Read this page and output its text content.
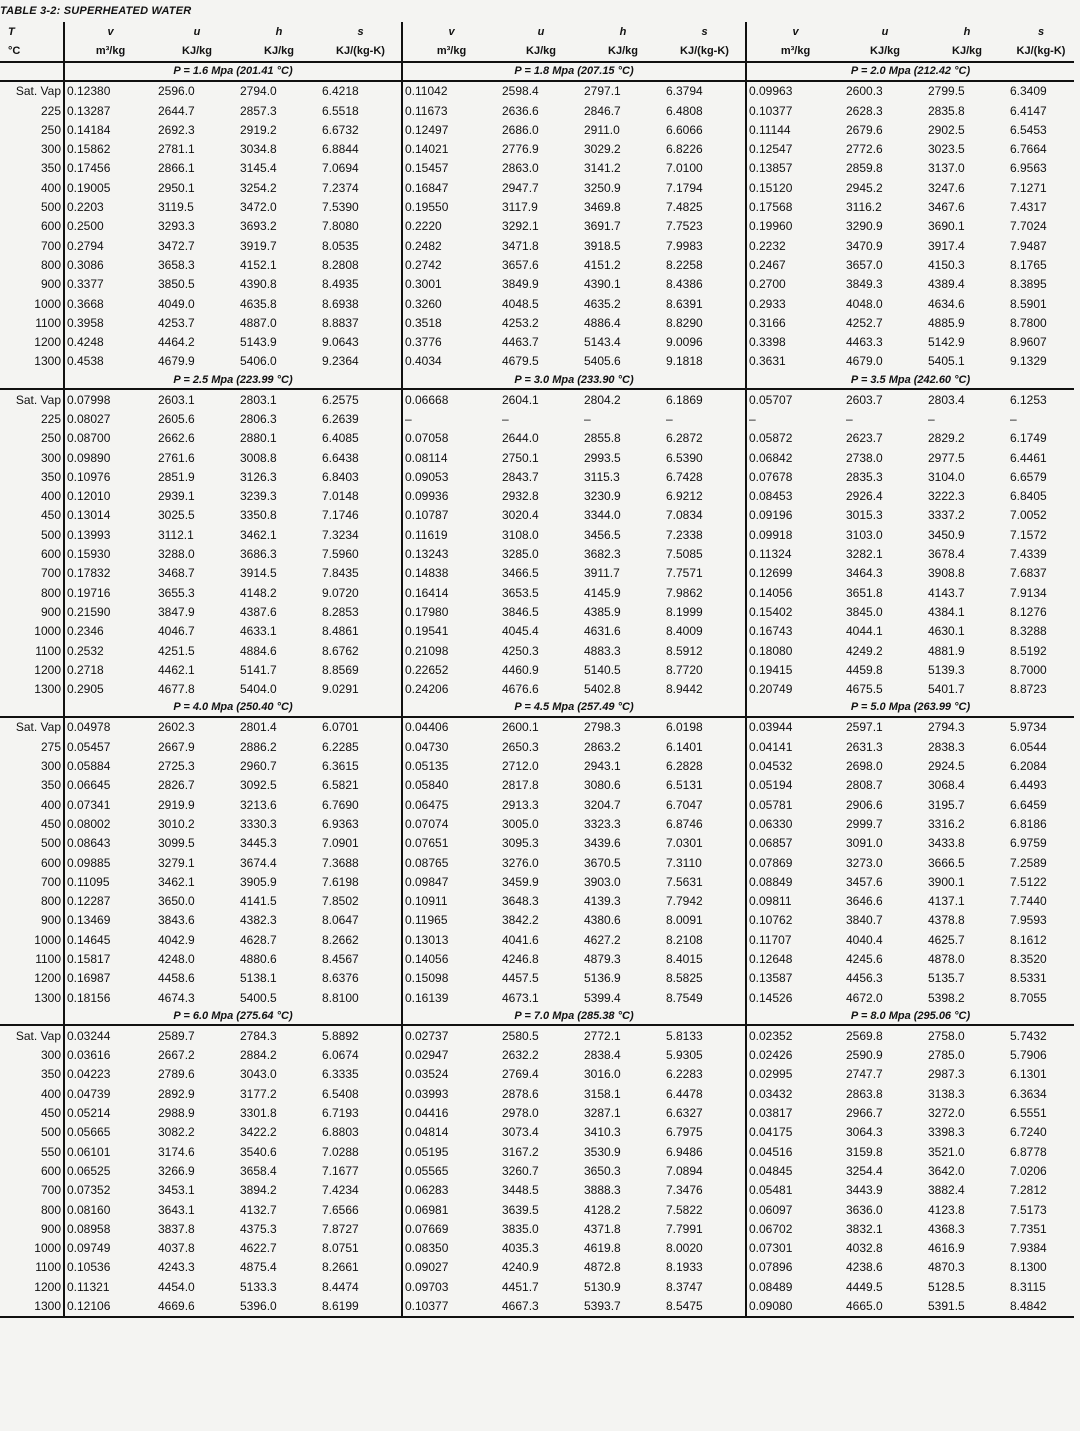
TABLE 3-2: SUPERHEATED WATER
T	v	u	h	s	v	u	h	s	v	u	h	s
°C	m³/kg	KJ/kg	KJ/kg	KJ/(kg-K)	m³/kg	KJ/kg	KJ/kg	KJ/(kg-K)	m³/kg	KJ/kg	KJ/kg	KJ/(kg-K)
	P = 1.6 Mpa (201.41 °C)				P = 1.8 Mpa (207.15 °C)				P = 2.0 Mpa (212.42 °C)			
Sat. Vap	0.12380	2596.0	2794.0	6.4218	0.11042	2598.4	2797.1	6.3794	0.09963	2600.3	2799.5	6.3409
225	0.13287	2644.7	2857.3	6.5518	0.11673	2636.6	2846.7	6.4808	0.10377	2628.3	2835.8	6.4147
250	0.14184	2692.3	2919.2	6.6732	0.12497	2686.0	2911.0	6.6066	0.11144	2679.6	2902.5	6.5453
300	0.15862	2781.1	3034.8	6.8844	0.14021	2776.9	3029.2	6.8226	0.12547	2772.6	3023.5	6.7664
350	0.17456	2866.1	3145.4	7.0694	0.15457	2863.0	3141.2	7.0100	0.13857	2859.8	3137.0	6.9563
400	0.19005	2950.1	3254.2	7.2374	0.16847	2947.7	3250.9	7.1794	0.15120	2945.2	3247.6	7.1271
500	0.2203	3119.5	3472.0	7.5390	0.19550	3117.9	3469.8	7.4825	0.17568	3116.2	3467.6	7.4317
600	0.2500	3293.3	3693.2	7.8080	0.2220	3292.1	3691.7	7.7523	0.19960	3290.9	3690.1	7.7024
700	0.2794	3472.7	3919.7	8.0535	0.2482	3471.8	3918.5	7.9983	0.2232	3470.9	3917.4	7.9487
800	0.3086	3658.3	4152.1	8.2808	0.2742	3657.6	4151.2	8.2258	0.2467	3657.0	4150.3	8.1765
900	0.3377	3850.5	4390.8	8.4935	0.3001	3849.9	4390.1	8.4386	0.2700	3849.3	4389.4	8.3895
1000	0.3668	4049.0	4635.8	8.6938	0.3260	4048.5	4635.2	8.6391	0.2933	4048.0	4634.6	8.5901
1100	0.3958	4253.7	4887.0	8.8837	0.3518	4253.2	4886.4	8.8290	0.3166	4252.7	4885.9	8.7800
1200	0.4248	4464.2	5143.9	9.0643	0.3776	4463.7	5143.4	9.0096	0.3398	4463.3	5142.9	8.9607
1300	0.4538	4679.9	5406.0	9.2364	0.4034	4679.5	5405.6	9.1818	0.3631	4679.0	5405.1	9.1329
	P = 2.5 Mpa (223.99 °C)				P = 3.0 Mpa (233.90 °C)				P = 3.5 Mpa (242.60 °C)			
Sat. Vap	0.07998	2603.1	2803.1	6.2575	0.06668	2604.1	2804.2	6.1869	0.05707	2603.7	2803.4	6.1253
225	0.08027	2605.6	2806.3	6.2639	–	–	–	–	–	–	–	–
250	0.08700	2662.6	2880.1	6.4085	0.07058	2644.0	2855.8	6.2872	0.05872	2623.7	2829.2	6.1749
300	0.09890	2761.6	3008.8	6.6438	0.08114	2750.1	2993.5	6.5390	0.06842	2738.0	2977.5	6.4461
350	0.10976	2851.9	3126.3	6.8403	0.09053	2843.7	3115.3	6.7428	0.07678	2835.3	3104.0	6.6579
400	0.12010	2939.1	3239.3	7.0148	0.09936	2932.8	3230.9	6.9212	0.08453	2926.4	3222.3	6.8405
450	0.13014	3025.5	3350.8	7.1746	0.10787	3020.4	3344.0	7.0834	0.09196	3015.3	3337.2	7.0052
500	0.13993	3112.1	3462.1	7.3234	0.11619	3108.0	3456.5	7.2338	0.09918	3103.0	3450.9	7.1572
600	0.15930	3288.0	3686.3	7.5960	0.13243	3285.0	3682.3	7.5085	0.11324	3282.1	3678.4	7.4339
700	0.17832	3468.7	3914.5	7.8435	0.14838	3466.5	3911.7	7.7571	0.12699	3464.3	3908.8	7.6837
800	0.19716	3655.3	4148.2	9.0720	0.16414	3653.5	4145.9	7.9862	0.14056	3651.8	4143.7	7.9134
900	0.21590	3847.9	4387.6	8.2853	0.17980	3846.5	4385.9	8.1999	0.15402	3845.0	4384.1	8.1276
1000	0.2346	4046.7	4633.1	8.4861	0.19541	4045.4	4631.6	8.4009	0.16743	4044.1	4630.1	8.3288
1100	0.2532	4251.5	4884.6	8.6762	0.21098	4250.3	4883.3	8.5912	0.18080	4249.2	4881.9	8.5192
1200	0.2718	4462.1	5141.7	8.8569	0.22652	4460.9	5140.5	8.7720	0.19415	4459.8	5139.3	8.7000
1300	0.2905	4677.8	5404.0	9.0291	0.24206	4676.6	5402.8	8.9442	0.20749	4675.5	5401.7	8.8723
	P = 4.0 Mpa (250.40 °C)				P = 4.5 Mpa (257.49 °C)				P = 5.0 Mpa (263.99 °C)			
Sat. Vap	0.04978	2602.3	2801.4	6.0701	0.04406	2600.1	2798.3	6.0198	0.03944	2597.1	2794.3	5.9734
275	0.05457	2667.9	2886.2	6.2285	0.04730	2650.3	2863.2	6.1401	0.04141	2631.3	2838.3	6.0544
300	0.05884	2725.3	2960.7	6.3615	0.05135	2712.0	2943.1	6.2828	0.04532	2698.0	2924.5	6.2084
350	0.06645	2826.7	3092.5	6.5821	0.05840	2817.8	3080.6	6.5131	0.05194	2808.7	3068.4	6.4493
400	0.07341	2919.9	3213.6	6.7690	0.06475	2913.3	3204.7	6.7047	0.05781	2906.6	3195.7	6.6459
450	0.08002	3010.2	3330.3	6.9363	0.07074	3005.0	3323.3	6.8746	0.06330	2999.7	3316.2	6.8186
500	0.08643	3099.5	3445.3	7.0901	0.07651	3095.3	3439.6	7.0301	0.06857	3091.0	3433.8	6.9759
600	0.09885	3279.1	3674.4	7.3688	0.08765	3276.0	3670.5	7.3110	0.07869	3273.0	3666.5	7.2589
700	0.11095	3462.1	3905.9	7.6198	0.09847	3459.9	3903.0	7.5631	0.08849	3457.6	3900.1	7.5122
800	0.12287	3650.0	4141.5	7.8502	0.10911	3648.3	4139.3	7.7942	0.09811	3646.6	4137.1	7.7440
900	0.13469	3843.6	4382.3	8.0647	0.11965	3842.2	4380.6	8.0091	0.10762	3840.7	4378.8	7.9593
1000	0.14645	4042.9	4628.7	8.2662	0.13013	4041.6	4627.2	8.2108	0.11707	4040.4	4625.7	8.1612
1100	0.15817	4248.0	4880.6	8.4567	0.14056	4246.8	4879.3	8.4015	0.12648	4245.6	4878.0	8.3520
1200	0.16987	4458.6	5138.1	8.6376	0.15098	4457.5	5136.9	8.5825	0.13587	4456.3	5135.7	8.5331
1300	0.18156	4674.3	5400.5	8.8100	0.16139	4673.1	5399.4	8.7549	0.14526	4672.0	5398.2	8.7055
	P = 6.0 Mpa (275.64 °C)				P = 7.0 Mpa (285.38 °C)				P = 8.0 Mpa (295.06 °C)			
Sat. Vap	0.03244	2589.7	2784.3	5.8892	0.02737	2580.5	2772.1	5.8133	0.02352	2569.8	2758.0	5.7432
300	0.03616	2667.2	2884.2	6.0674	0.02947	2632.2	2838.4	5.9305	0.02426	2590.9	2785.0	5.7906
350	0.04223	2789.6	3043.0	6.3335	0.03524	2769.4	3016.0	6.2283	0.02995	2747.7	2987.3	6.1301
400	0.04739	2892.9	3177.2	6.5408	0.03993	2878.6	3158.1	6.4478	0.03432	2863.8	3138.3	6.3634
450	0.05214	2988.9	3301.8	6.7193	0.04416	2978.0	3287.1	6.6327	0.03817	2966.7	3272.0	6.5551
500	0.05665	3082.2	3422.2	6.8803	0.04814	3073.4	3410.3	6.7975	0.04175	3064.3	3398.3	6.7240
550	0.06101	3174.6	3540.6	7.0288	0.05195	3167.2	3530.9	6.9486	0.04516	3159.8	3521.0	6.8778
600	0.06525	3266.9	3658.4	7.1677	0.05565	3260.7	3650.3	7.0894	0.04845	3254.4	3642.0	7.0206
700	0.07352	3453.1	3894.2	7.4234	0.06283	3448.5	3888.3	7.3476	0.05481	3443.9	3882.4	7.2812
800	0.08160	3643.1	4132.7	7.6566	0.06981	3639.5	4128.2	7.5822	0.06097	3636.0	4123.8	7.5173
900	0.08958	3837.8	4375.3	7.8727	0.07669	3835.0	4371.8	7.7991	0.06702	3832.1	4368.3	7.7351
1000	0.09749	4037.8	4622.7	8.0751	0.08350	4035.3	4619.8	8.0020	0.07301	4032.8	4616.9	7.9384
1100	0.10536	4243.3	4875.4	8.2661	0.09027	4240.9	4872.8	8.1933	0.07896	4238.6	4870.3	8.1300
1200	0.11321	4454.0	5133.3	8.4474	0.09703	4451.7	5130.9	8.3747	0.08489	4449.5	5128.5	8.3115
1300	0.12106	4669.6	5396.0	8.6199	0.10377	4667.3	5393.7	8.5475	0.09080	4665.0	5391.5	8.4842
